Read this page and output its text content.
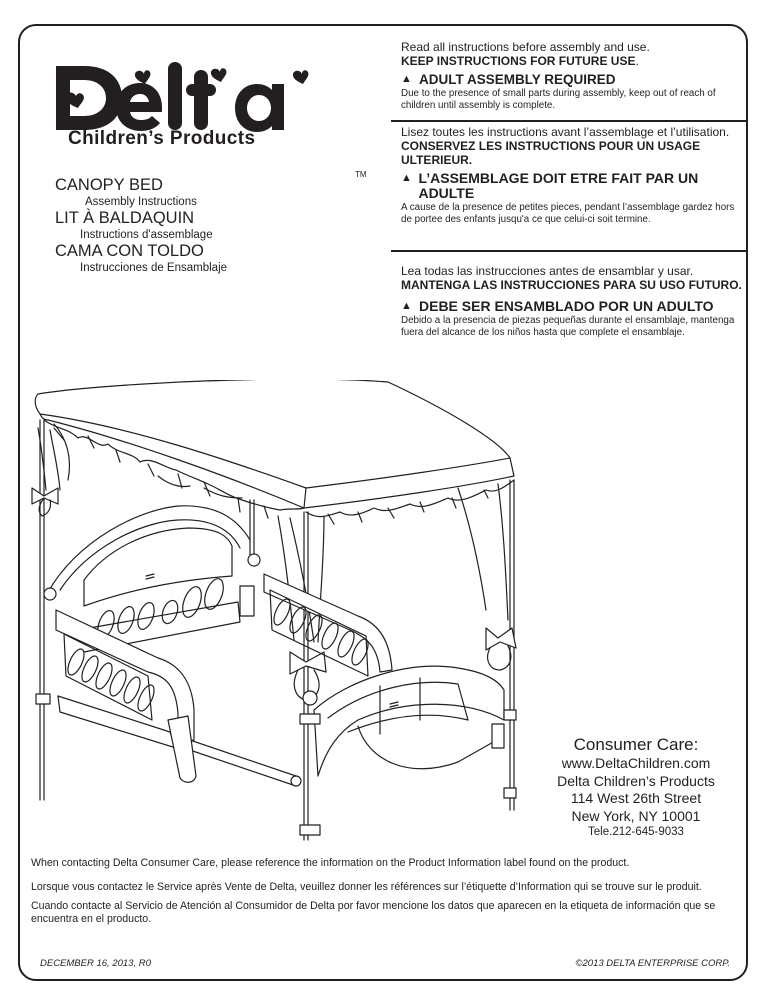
TM
Children’s Products
CANOPY BED
Assembly Instructions
LIT À BALDAQUIN
Instructions d'assemblage
CAMA CON TOLDO
Instrucciones de Ensamblaje

Read all instructions before assembly and use.
KEEP INSTRUCTIONS FOR FUTURE USE.

▲ ADULT ASSEMBLY REQUIRED

Due to the presence of small parts during assembly, keep out of reach of children until assembly is complete.

Lisez toutes les instructions avant l’assemblage et l’utilisation. CONSERVEZ LES INSTRUCTIONS POUR UN USAGE ULTERIEUR.

▲ L’ASSEMBLAGE DOIT ETRE FAIT PAR UN ADULTE

A cause de la presence de petites pieces, pendant l’assemblage gardez hors de portee des enfants jusqu'a ce que celui-ci soit termine.

Lea todas las instrucciones antes de ensamblar y usar.
MANTENGA LAS INSTRUCCIONES PARA SU USO FUTURO.

▲ DEBE SER ENSAMBLADO POR UN ADULTO

Debido a la presencia de piezas pequeñas durante el ensamblaje, mantenga fuera del alcance de los niños hasta que complete el ensamblaje.

Consumer Care:
www.DeltaChildren.com
Delta Children’s Products
114 West 26th Street
New York, NY 10001
Tele.212-645-9033

When contacting Delta Consumer Care, please reference the information on the Product Information label found on the product.

Lorsque vous contactez le Service après Vente de Delta, veuillez donner les références sur l’étiquette d’Information qui se trouve sur le produit.

Cuando contacte al Servicio de Atención al Consumidor de Delta por favor mencione los datos que aparecen en la etiqueta de información que se encuentra en el producto.

DECEMBER 16, 2013, R0	©2013 DELTA ENTERPRISE CORP.
